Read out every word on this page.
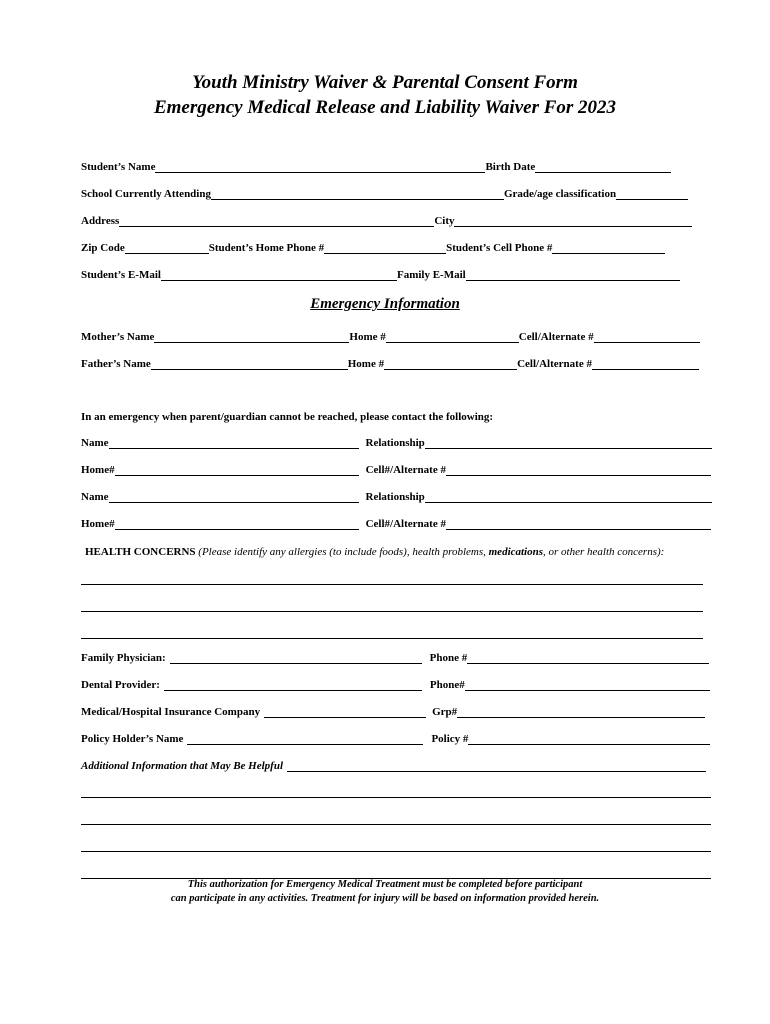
Youth Ministry Waiver & Parental Consent Form
Emergency Medical Release and Liability Waiver For 2023
Student’s Name	Birth Date
School Currently Attending	Grade/age classification
Address	City
Zip Code	Student’s Home Phone #	Student’s Cell Phone #
Student’s E-Mail	Family E-Mail
Emergency Information
Mother’s Name	Home #	Cell/Alternate #
Father’s Name	Home #	Cell/Alternate #
In an emergency when parent/guardian cannot be reached, please contact the following:
Name	Relationship
Home#	Cell#/Alternate #
Name	Relationship
Home#	Cell#/Alternate #
HEALTH CONCERNS (Please identify any allergies (to include foods), health problems, medications, or other health concerns):
Family Physician:	Phone #
Dental Provider:	Phone#
Medical/Hospital Insurance Company	Grp#
Policy Holder’s Name	Policy #
Additional Information that May Be Helpful
This authorization for Emergency Medical Treatment must be completed before participant
can participate in any activities. Treatment for injury will be based on information provided herein.
